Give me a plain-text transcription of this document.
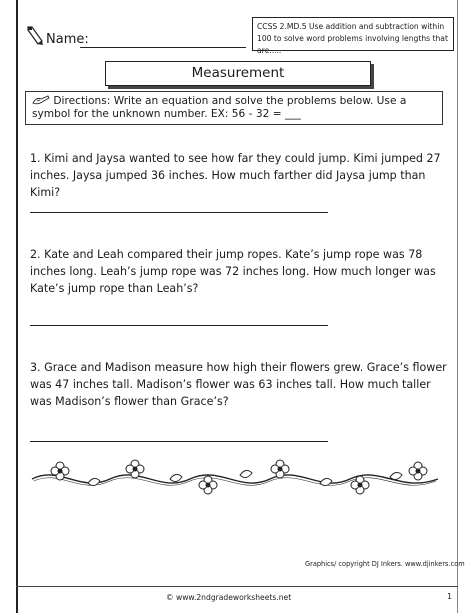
Name:
CCSS 2.MD.5 Use addition and subtraction within 100 to solve word problems involving lengths that are.....
Measurement
Directions: Write an equation and solve the problems below. Use a symbol for the unknown number. EX: 56 - 32 = ___
1. Kimi and Jaysa wanted to see how far they could jump. Kimi jumped 27 inches. Jaysa jumped 36 inches. How much farther did Jaysa jump than Kimi?
2. Kate and Leah compared their jump ropes. Kate’s jump rope was 78 inches long. Leah’s jump rope was 72 inches long. How much longer was Kate’s jump rope than Leah’s?
3. Grace and Madison measure how high their flowers grew. Grace’s flower was 47 inches tall. Madison’s flower was 63 inches tall. How much taller was Madison’s flower than Grace’s?
Graphics/ copyright DJ Inkers. www.djinkers.com
© www.2ndgradeworksheets.net	1
